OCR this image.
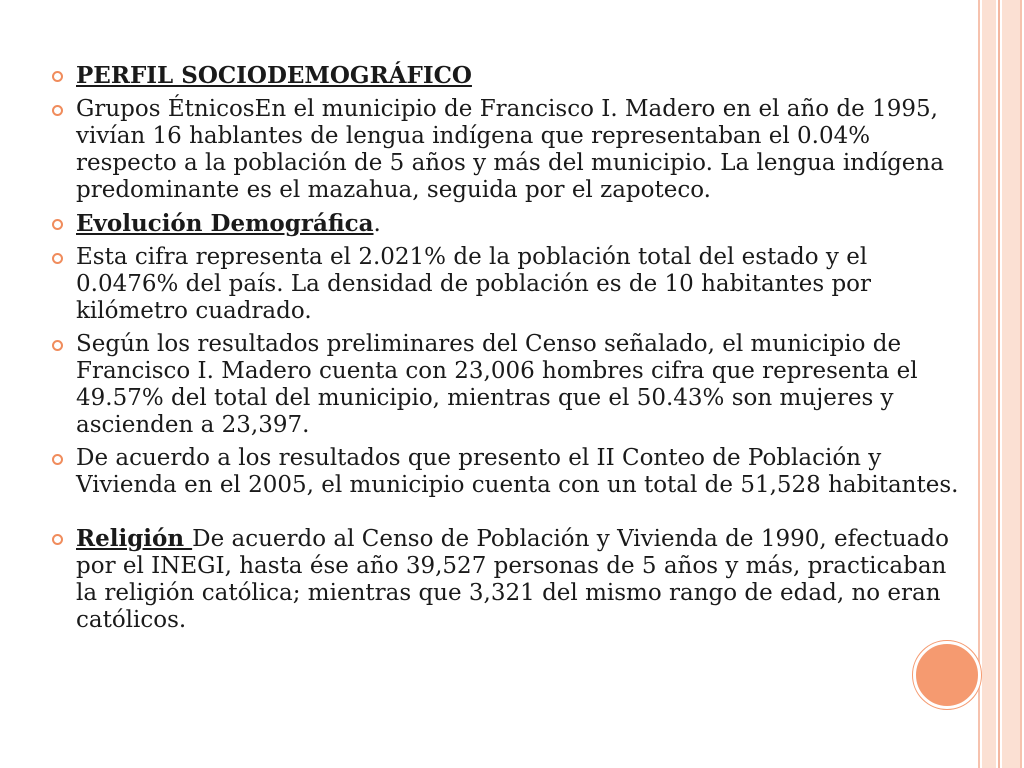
PERFIL SOCIODEMOGRÁFICO
Grupos ÉtnicosEn el municipio de Francisco I. Madero en el año de 1995, vivían 16 hablantes de lengua indígena que representaban el 0.04% respecto a la población de 5 años y más del municipio. La lengua indígena predominante es el mazahua, seguida por el zapoteco.
Evolución Demográfica.
Esta cifra representa el 2.021% de la población total del estado y el 0.0476% del país. La densidad de población es de 10 habitantes por kilómetro cuadrado.
Según los resultados preliminares del Censo señalado, el municipio de Francisco I. Madero cuenta con 23,006 hombres cifra que representa el 49.57% del total del municipio, mientras que el 50.43% son mujeres y ascienden a 23,397.
De acuerdo a los resultados que presento el II Conteo de Población y Vivienda en el 2005, el municipio cuenta con un total de 51,528 habitantes.
Religión De acuerdo al Censo de Población y Vivienda de 1990, efectuado por el INEGI, hasta ése año 39,527 personas de 5 años y más, practicaban la religión católica; mientras que 3,321 del mismo rango de edad, no eran católicos.
